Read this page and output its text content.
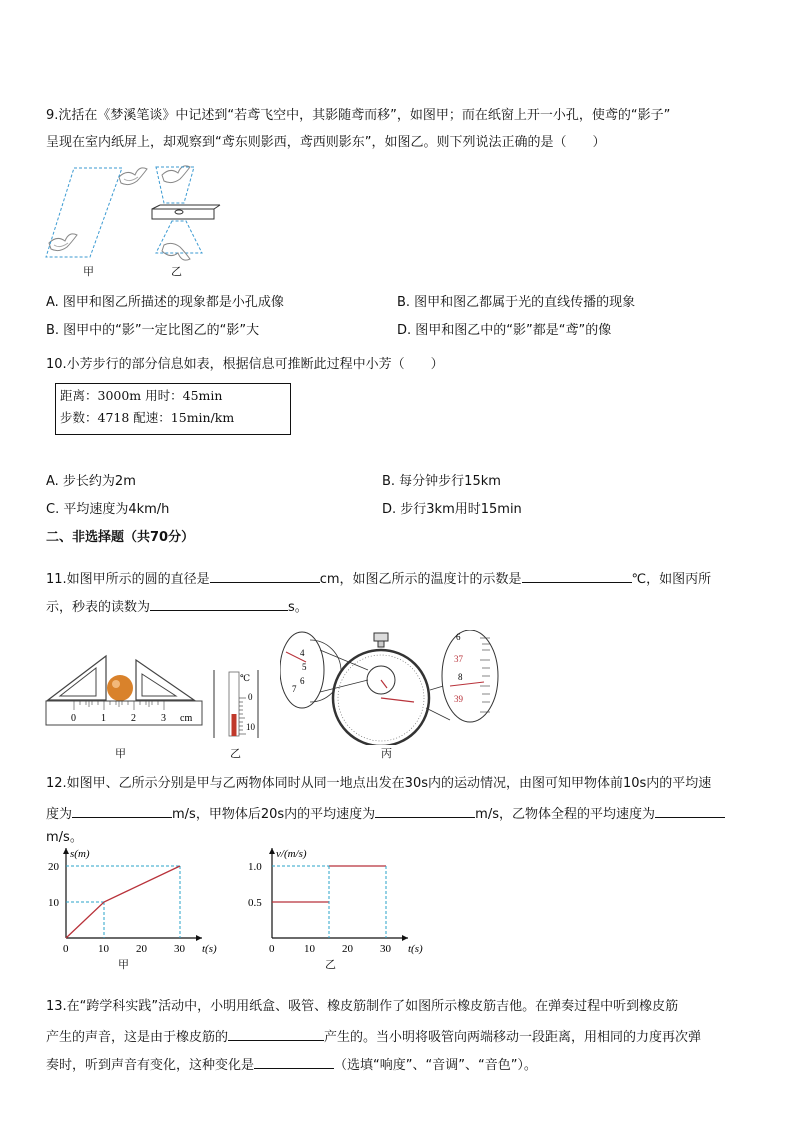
9.沈括在《梦溪笔谈》中记述到“若鸢飞空中，其影随鸢而移”，如图甲；而在纸窗上开一小孔，使鸢的“影子”
呈现在室内纸屏上，却观察到“鸢东则影西，鸢西则影东”，如图乙。则下列说法正确的是（　　）
甲	乙
A. 图甲和图乙所描述的现象都是小孔成像	B. 图甲和图乙都属于光的直线传播的现象
B. 图甲中的“影”一定比图乙的“影”大	D. 图甲和图乙中的“影”都是“鸢”的像
10.小芳步行的部分信息如表，根据信息可推断此过程中小芳（　　）
距离：3000m 用时：45min
步数：4718 配速：15min/km
A. 步长约为2m	B. 每分钟步行15km
C. 平均速度为4km/h	D. 步行3km用时15min
二、非选择题（共70分）
11.如图甲所示的圆的直径是	cm，如图乙所示的温度计的示数是	℃，如图丙所
示，秒表的读数为	s。
0	1	2	3 cm
甲
℃
0
10
乙
4
5
6
7
6
37
8
39
丙
12.如图甲、乙所示分别是甲与乙两物体同时从同一地点出发在30s内的运动情况，由图可知甲物体前10s内的平均速
度为	m/s，甲物体后20s内的平均速度为	m/s，乙物体全程的平均速度为
m/s。
s(m)
t(s)
0	10 20 30
10
20
v/(m/s)
t(s)
0	10 20 30
0.5
1.0
甲	乙
13.在“跨学科实践”活动中，小明用纸盒、吸管、橡皮筋制作了如图所示橡皮筋吉他。在弹奏过程中听到橡皮筋
产生的声音，这是由于橡皮筋的	产生的。当小明将吸管向两端移动一段距离，用相同的力度再次弹
奏时，听到声音有变化，这种变化是	（选填“响度”、“音调”、“音色”）。
